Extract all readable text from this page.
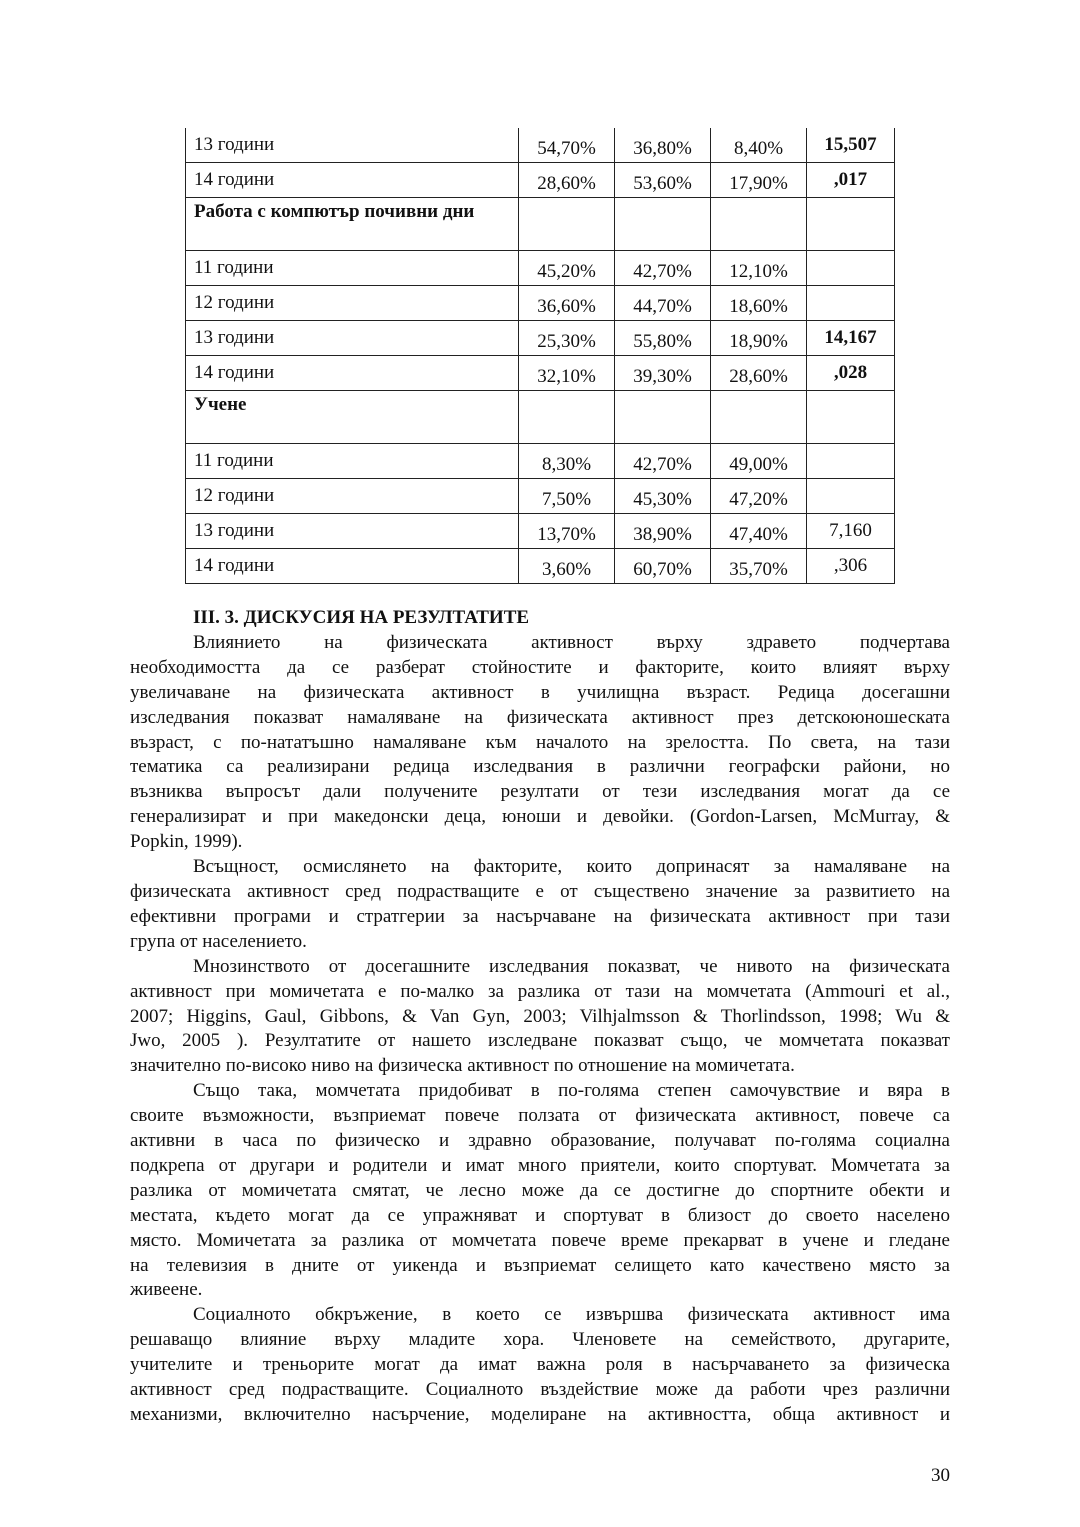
13 години	54,70%	36,80%	8,40%	15,507
14 години	28,60%	53,60%	17,90%	,017
Работа с компютър почивни дни				
11 години	45,20%	42,70%	12,10%	
12 години	36,60%	44,70%	18,60%	
13 години	25,30%	55,80%	18,90%	14,167
14 години	32,10%	39,30%	28,60%	,028
Учене				
11 години	8,30%	42,70%	49,00%	
12 години	7,50%	45,30%	47,20%	
13 години	13,70%	38,90%	47,40%	7,160
14 години	3,60%	60,70%	35,70%	,306
III. 3. ДИСКУСИЯ НА РЕЗУЛТАТИТЕ
Влиянието на физическата активност върху здравето подчертава
необходимостта да се разберат стойностите и факторите, които влияят върху
увеличаване на физическата активност в училищна възраст. Редица досегашни
изследвания показват намаляване на физическата активност през детскоюношеската
възраст, с по-нататъшно намаляване към началото на зрелостта. По света, на тази
тематика са реализирани редица изследвания в различни географски райони, но
възниква въпросът дали получените резултати от тези изследвания могат да се
генерализират и при македонски деца, юноши и девойки. (Gordon-Larsen, McMurray, &
Popkin, 1999).
Всъщност, осмислянето на факторите, които допринасят за намаляване на
физическата активност сред подрастващите е от съществено значение за развитието на
ефективни програми и стратгерии за насърчаване на физическата активност при тази
група от населението.
Мнозинството от досегашните изследвания показват, че нивото на физическата
активност при момичетата е по-малко за разлика от тази на момчетата (Ammouri et al.,
2007; Higgins, Gaul, Gibbons, & Van Gyn, 2003; Vilhjalmsson & Thorlindsson, 1998; Wu &
Jwo, 2005 ). Резултатите от нашето изследване показват също, че момчетата показват
значително по-високо ниво на физическа активност по отношение на момичетата.
Също така, момчетата придобиват в по-голяма степен самочувствие и вяра в
своите възможности, възприемат повече ползата от физическата активност, повече са
активни в часа по физическо и здравно образование, получават по-голяма социална
подкрепа от другари и родители и имат много приятели, които спортуват. Момчетата за
разлика от момичетата смятат, че лесно може да се достигне до спортните обекти и
местата, където могат да се упражняват и спортуват в близост до своето населено
място. Момичетата за разлика от момчетата повече време прекарват в учене и гледане
на телевизия в дните от уикенда и възприемат селището като качествено място за
живеене.
Социалното обкръжение, в което се извършва физическата активност има
решаващо влияние върху младите хора. Членовете на семейството, другарите,
учителите и треньорите могат да имат важна роля в насърчаването за физическа
активност сред подрастващите. Социалното въздействие може да работи чрез различни
механизми, включително насърчение, моделиране на активността, обща активност и
30
